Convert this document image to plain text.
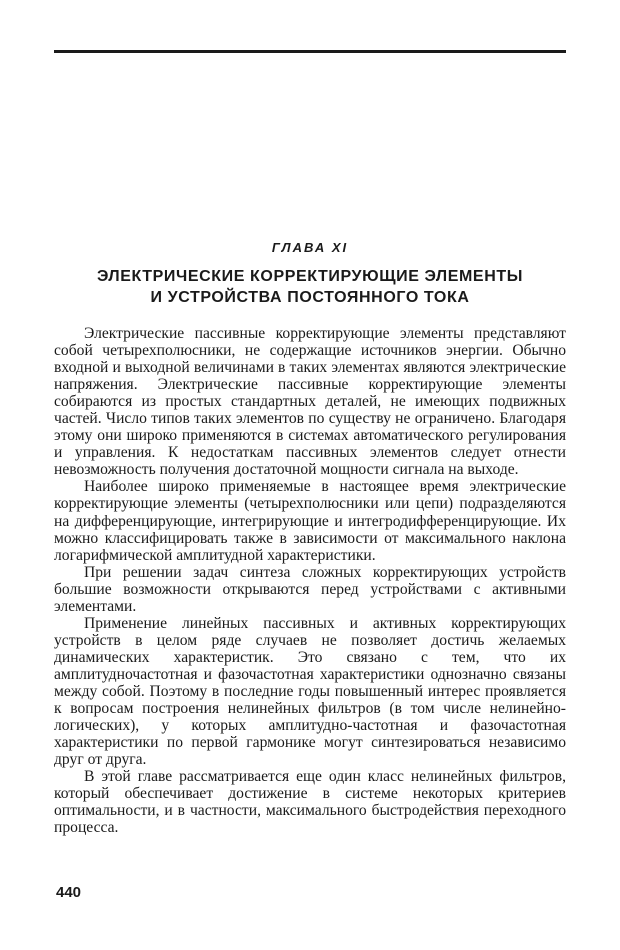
ГЛАВА XI
ЭЛЕКТРИЧЕСКИЕ КОРРЕКТИРУЮЩИЕ ЭЛЕМЕНТЫ
И УСТРОЙСТВА ПОСТОЯННОГО ТОКА

Электрические пассивные корректирующие элементы представляют собой четырехполюсники, не содержащие источников энергии. Обычно входной и выходной величинами в таких элементах являются электрические напряжения. Электрические пассивные корректирующие элементы собираются из простых стандартных деталей, не имеющих подвижных частей. Число типов таких элементов по существу не ограничено. Благодаря этому они широко применяются в системах автоматического регулирования и управления. К недостаткам пассивных элементов следует отнести невозможность получения достаточной мощности сигнала на выходе.

Наиболее широко применяемые в настоящее время электрические корректирующие элементы (четырехполюсники или цепи) подразделяются на дифференцирующие, интегрирующие и интегродифференцирующие. Их можно классифицировать также в зависимости от максимального наклона логарифмической амплитудной характеристики.

При решении задач синтеза сложных корректирующих устройств большие возможности открываются перед устройствами с активными элементами.

Применение линейных пассивных и активных корректирующих устройств в целом ряде случаев не позволяет достичь желаемых динамических характеристик. Это связано с тем, что их амплитудночастотная и фазочастотная характеристики однозначно связаны между собой. Поэтому в последние годы повышенный интерес проявляется к вопросам построения нелинейных фильтров (в том числе нелинейно-логических), у которых амплитудно-частотная и фазочастотная характеристики по первой гармонике могут синтезироваться независимо друг от друга.

В этой главе рассматривается еще один класс нелинейных фильтров, который обеспечивает достижение в системе некоторых критериев оптимальности, и в частности, максимального быстродействия переходного процесса.

440
